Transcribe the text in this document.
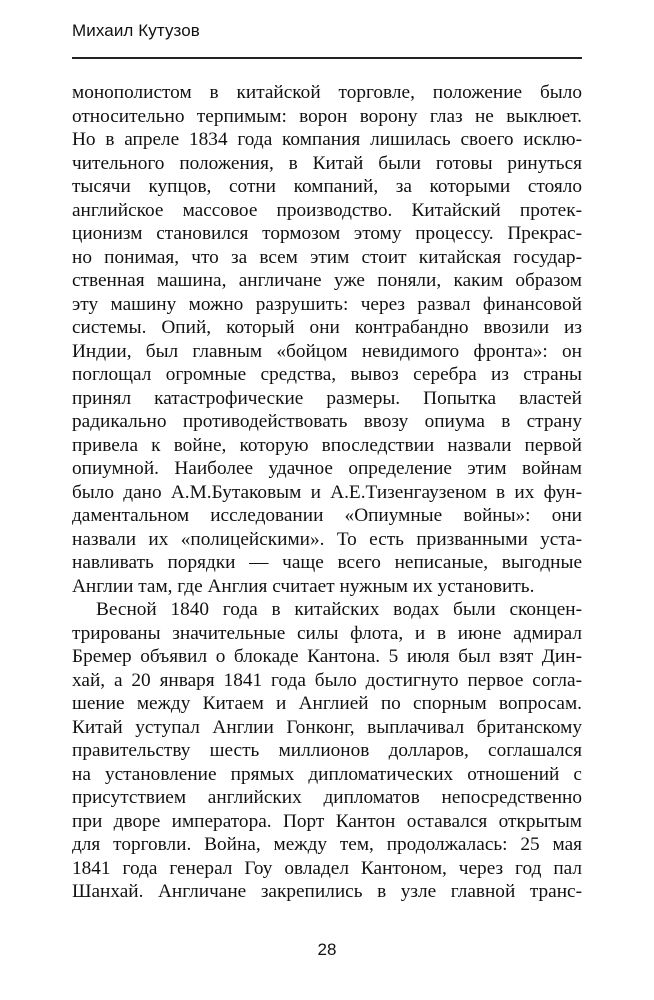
Михаил Кутузов
монополистом в китайской торговле, положение было
относительно терпимым: ворон ворону глаз не выклюет.
Но в апреле 1834 года компания лишилась своего исклю-
чительного положения, в Китай были готовы ринуться
тысячи купцов, сотни компаний, за которыми стояло
английское массовое производство. Китайский протек-
ционизм становился тормозом этому процессу. Прекрас-
но понимая, что за всем этим стоит китайская государ-
ственная машина, англичане уже поняли, каким образом
эту машину можно разрушить: через развал финансовой
системы. Опий, который они контрабандно ввозили из
Индии, был главным «бойцом невидимого фронта»: он
поглощал огромные средства, вывоз серебра из страны
принял катастрофические размеры. Попытка властей
радикально противодействовать ввозу опиума в страну
привела к войне, которую впоследствии назвали первой
опиумной. Наиболее удачное определение этим войнам
было дано А.М.Бутаковым и А.Е.Тизенгаузеном в их фун-
даментальном исследовании «Опиумные войны»: они
назвали их «полицейскими». То есть призванными уста-
навливать порядки — чаще всего неписаные, выгодные
Англии там, где Англия считает нужным их установить.
Весной 1840 года в китайских водах были сконцен-
трированы значительные силы флота, и в июне адмирал
Бремер объявил о блокаде Кантона. 5 июля был взят Дин-
хай, а 20 января 1841 года было достигнуто первое согла-
шение между Китаем и Англией по спорным вопросам.
Китай уступал Англии Гонконг, выплачивал британскому
правительству шесть миллионов долларов, соглашался
на установление прямых дипломатических отношений с
присутствием английских дипломатов непосредственно
при дворе императора. Порт Кантон оставался открытым
для торговли. Война, между тем, продолжалась: 25 мая
1841 года генерал Гоу овладел Кантоном, через год пал
Шанхай. Англичане закрепились в узле главной транс-
28
